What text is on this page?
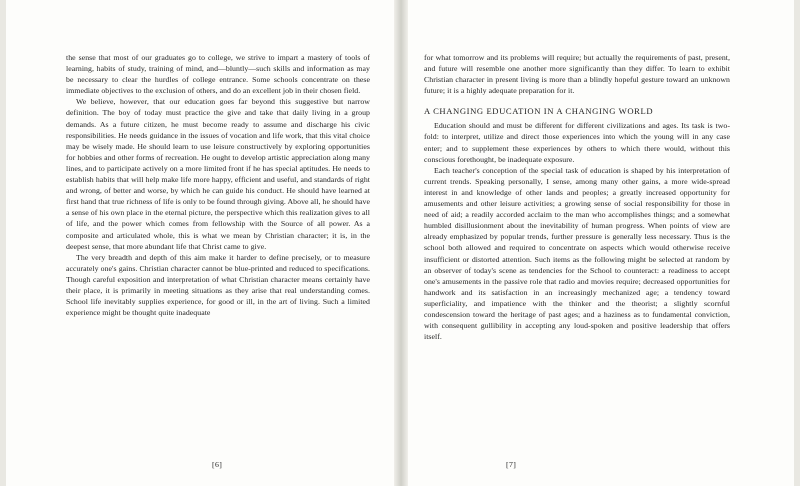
the sense that most of our graduates go to college, we strive to impart a mastery of tools of learning, habits of study, training of mind, and—bluntly—such skills and information as may be necessary to clear the hurdles of college entrance. Some schools concentrate on these immediate objectives to the exclusion of others, and do an excellent job in their chosen field.

We believe, however, that our education goes far beyond this suggestive but narrow definition. The boy of today must practice the give and take that daily living in a group demands. As a future citizen, he must become ready to assume and discharge his civic responsibilities. He needs guidance in the issues of vocation and life work, that this vital choice may be wisely made. He should learn to use leisure constructively by exploring opportunities for hobbies and other forms of recreation. He ought to develop artistic appreciation along many lines, and to participate actively on a more limited front if he has special aptitudes. He needs to establish habits that will help make life more happy, efficient and useful, and standards of right and wrong, of better and worse, by which he can guide his conduct. He should have learned at first hand that true richness of life is only to be found through giving. Above all, he should have a sense of his own place in the eternal picture, the perspective which this realization gives to all of life, and the power which comes from fellowship with the Source of all power. As a composite and articulated whole, this is what we mean by Christian character; it is, in the deepest sense, that more abundant life that Christ came to give.

The very breadth and depth of this aim make it harder to define precisely, or to measure accurately one's gains. Christian character cannot be blue-printed and reduced to specifications. Though careful exposition and interpretation of what Christian character means certainly have their place, it is primarily in meeting situations as they arise that real understanding comes. School life inevitably supplies experience, for good or ill, in the art of living. Such a limited experience might be thought quite inadequate

[6]

for what tomorrow and its problems will require; but actually the requirements of past, present, and future will resemble one another more significantly than they differ. To learn to exhibit Christian character in present living is more than a blindly hopeful gesture toward an unknown future; it is a highly adequate preparation for it.

A CHANGING EDUCATION IN A CHANGING WORLD

Education should and must be different for different civilizations and ages. Its task is two-fold: to interpret, utilize and direct those experiences into which the young will in any case enter; and to supplement these experiences by others to which there would, without this conscious forethought, be inadequate exposure.

Each teacher's conception of the special task of education is shaped by his interpretation of current trends. Speaking personally, I sense, among many other gains, a more wide-spread interest in and knowledge of other lands and peoples; a greatly increased opportunity for amusements and other leisure activities; a growing sense of social responsibility for those in need of aid; a readily accorded acclaim to the man who accomplishes things; and a somewhat humbled disillusionment about the inevitability of human progress. When points of view are already emphasized by popular trends, further pressure is generally less necessary. Thus is the school both allowed and required to concentrate on aspects which would otherwise receive insufficient or distorted attention. Such items as the following might be selected at random by an observer of today's scene as tendencies for the School to counteract: a readiness to accept one's amusements in the passive role that radio and movies require; decreased opportunities for handwork and its satisfaction in an increasingly mechanized age; a tendency toward superficiality, and impatience with the thinker and the theorist; a slightly scornful condescension toward the heritage of past ages; and a haziness as to fundamental conviction, with consequent gullibility in accepting any loud-spoken and positive leadership that offers itself.

[7]
